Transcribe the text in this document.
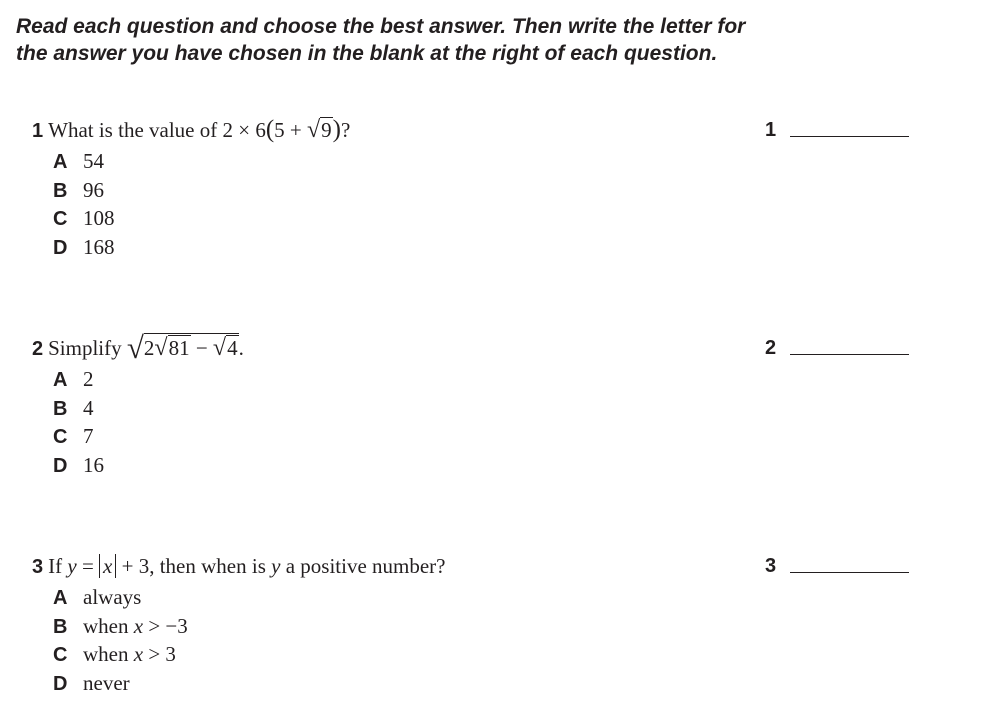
Read each question and choose the best answer. Then write the letter for the answer you have chosen in the blank at the right of each question.
1 What is the value of 2 × 6(5 + √9)?
A 54
B 96
C 108
D 168
1
2 Simplify √2√81 − √4.
A 2
B 4
C 7
D 16
2
3 If y = x + 3, then when is y a positive number?
A always
B when x > −3
C when x > 3
D never
3
